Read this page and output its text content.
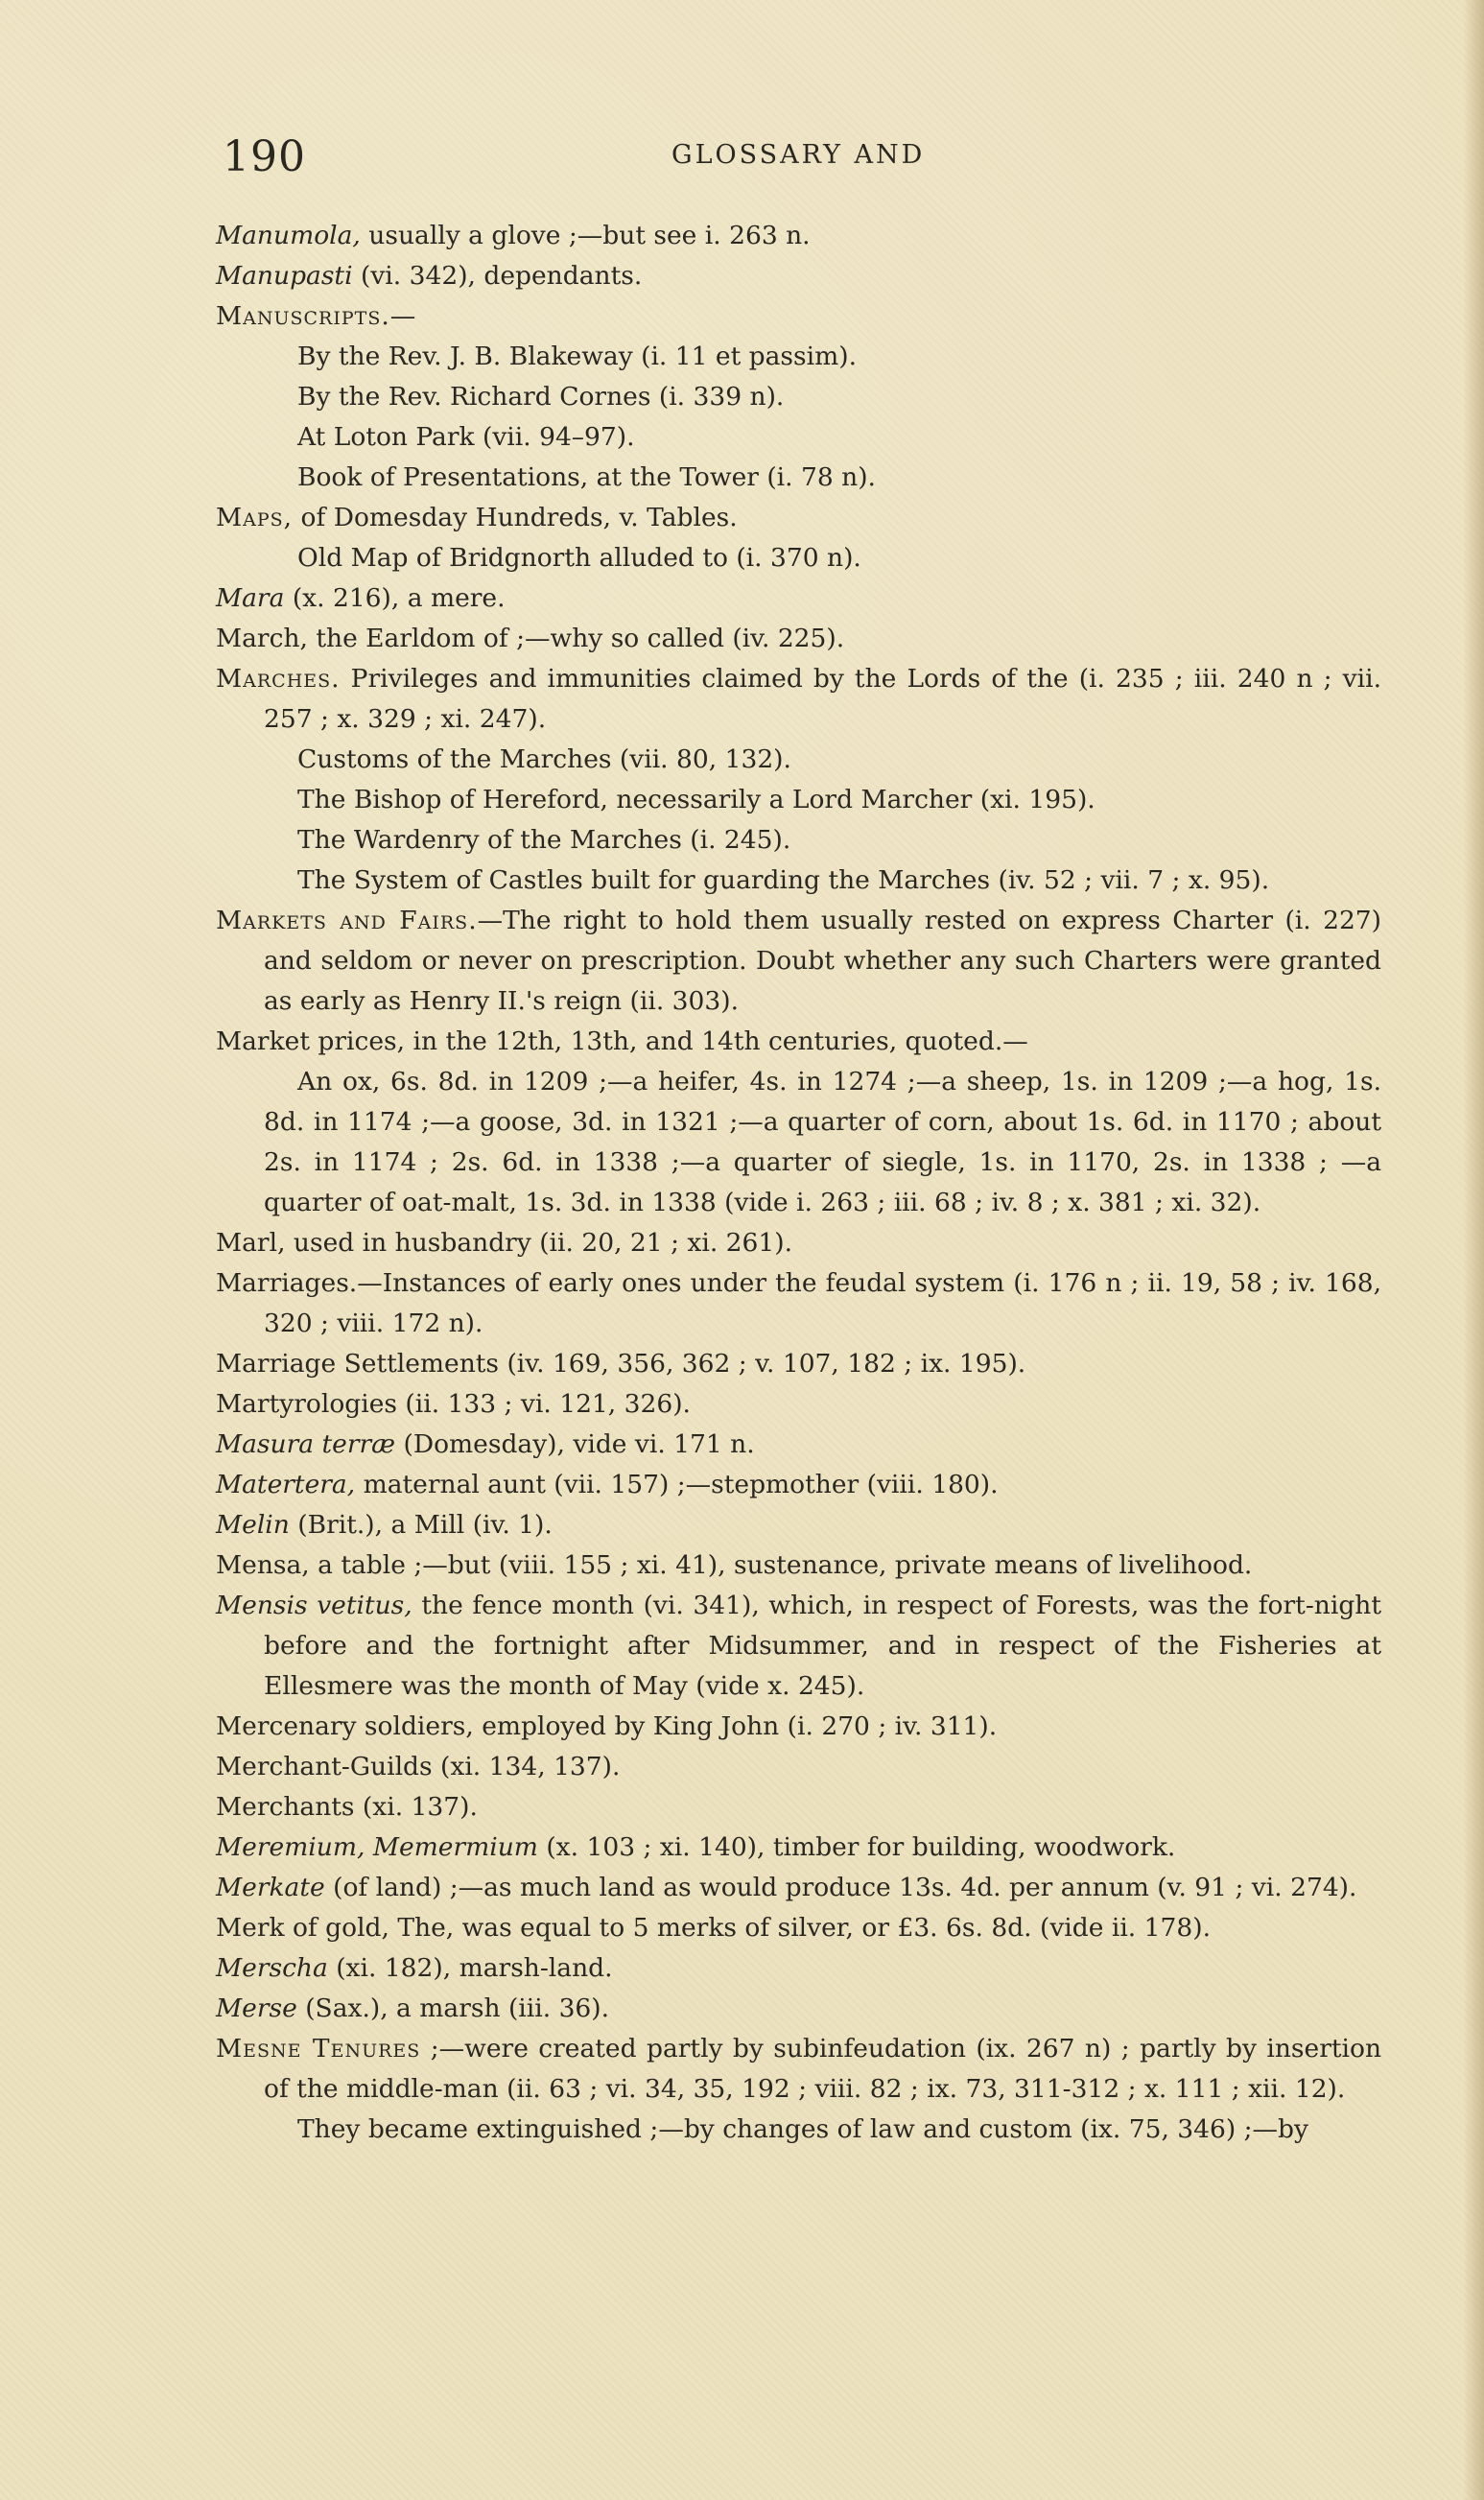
190	GLOSSARY AND

Manumola, usually a glove ;—but see i. 263 n.

Manupasti (vi. 342), dependants.

Manuscripts.—

By the Rev. J. B. Blakeway (i. 11 et passim).

By the Rev. Richard Cornes (i. 339 n).

At Loton Park (vii. 94–97).

Book of Presentations, at the Tower (i. 78 n).

Maps, of Domesday Hundreds, v. Tables.

Old Map of Bridgnorth alluded to (i. 370 n).

Mara (x. 216), a mere.

March, the Earldom of ;—why so called (iv. 225).

Marches. Privileges and immunities claimed by the Lords of the (i. 235 ; iii. 240 n ; vii. 257 ; x. 329 ; xi. 247).

Customs of the Marches (vii. 80, 132).

The Bishop of Hereford, necessarily a Lord Marcher (xi. 195).

The Wardenry of the Marches (i. 245).

The System of Castles built for guarding the Marches (iv. 52 ; vii. 7 ; x. 95).

Markets and Fairs.—The right to hold them usually rested on express Charter (i. 227) and seldom or never on prescription. Doubt whether any such Charters were granted as early as Henry II.'s reign (ii. 303).

Market prices, in the 12th, 13th, and 14th centuries, quoted.—

An ox, 6s. 8d. in 1209 ;—a heifer, 4s. in 1274 ;—a sheep, 1s. in 1209 ;—a hog, 1s. 8d. in 1174 ;—a goose, 3d. in 1321 ;—a quarter of corn, about 1s. 6d. in 1170 ; about 2s. in 1174 ; 2s. 6d. in 1338 ;—a quarter of siegle, 1s. in 1170, 2s. in 1338 ; —a quarter of oat-malt, 1s. 3d. in 1338 (vide i. 263 ; iii. 68 ; iv. 8 ; x. 381 ; xi. 32).

Marl, used in husbandry (ii. 20, 21 ; xi. 261).

Marriages.—Instances of early ones under the feudal system (i. 176 n ; ii. 19, 58 ; iv. 168, 320 ; viii. 172 n).

Marriage Settlements (iv. 169, 356, 362 ; v. 107, 182 ; ix. 195).

Martyrologies (ii. 133 ; vi. 121, 326).

Masura terræ (Domesday), vide vi. 171 n.

Matertera, maternal aunt (vii. 157) ;—stepmother (viii. 180).

Melin (Brit.), a Mill (iv. 1).

Mensa, a table ;—but (viii. 155 ; xi. 41), sustenance, private means of livelihood.

Mensis vetitus, the fence month (vi. 341), which, in respect of Forests, was the fort-night before and the fortnight after Midsummer, and in respect of the Fisheries at Ellesmere was the month of May (vide x. 245).

Mercenary soldiers, employed by King John (i. 270 ; iv. 311).

Merchant-Guilds (xi. 134, 137).

Merchants (xi. 137).

Meremium, Memermium (x. 103 ; xi. 140), timber for building, woodwork.

Merkate (of land) ;—as much land as would produce 13s. 4d. per annum (v. 91 ; vi. 274).

Merk of gold, The, was equal to 5 merks of silver, or £3. 6s. 8d. (vide ii. 178).

Merscha (xi. 182), marsh-land.

Merse (Sax.), a marsh (iii. 36).

Mesne Tenures ;—were created partly by subinfeudation (ix. 267 n) ; partly by insertion of the middle-man (ii. 63 ; vi. 34, 35, 192 ; viii. 82 ; ix. 73, 311-312 ; x. 111 ; xii. 12).

They became extinguished ;—by changes of law and custom (ix. 75, 346) ;—by
